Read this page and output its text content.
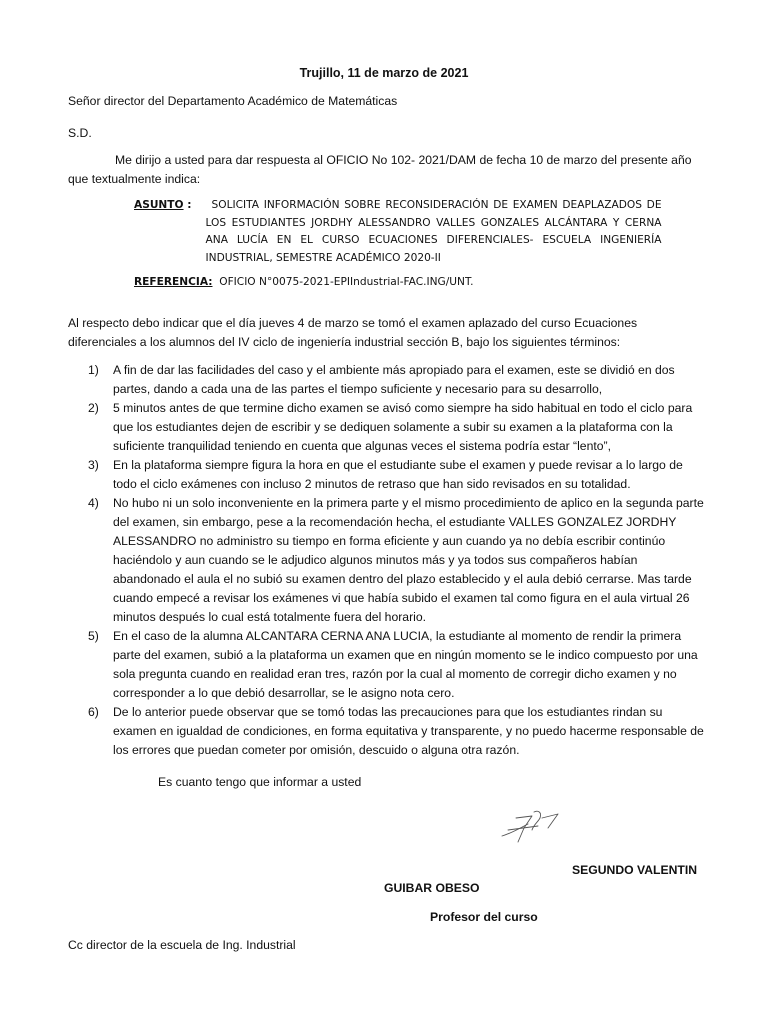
Trujillo, 11 de marzo de 2021
Señor director del Departamento Académico de Matemáticas
S.D.
Me dirijo a usted para dar respuesta al OFICIO No 102- 2021/DAM de fecha 10 de marzo del presente año que textualmente indica:
ASUNTO : SOLICITA INFORMACIÓN SOBRE RECONSIDERACIÓN DE EXAMEN DEAPLAZADOS DE LOS ESTUDIANTES JORDHY ALESSANDRO VALLES GONZALES ALCÁNTARA Y CERNA ANA LUCÍA EN EL CURSO ECUACIONES DIFERENCIALES- ESCUELA INGENIERÍA INDUSTRIAL, SEMESTRE ACADÉMICO 2020-II
REFERENCIA: OFICIO N°0075-2021-EPIIndustrial-FAC.ING/UNT.
Al respecto debo indicar que el día jueves 4 de marzo se tomó el examen aplazado del curso Ecuaciones diferenciales a los alumnos del IV ciclo de ingeniería industrial sección B, bajo los siguientes términos:
1) A fin de dar las facilidades del caso y el ambiente más apropiado para el examen, este se dividió en dos partes, dando a cada una de las partes el tiempo suficiente y necesario para su desarrollo,
2) 5 minutos antes de que termine dicho examen se avisó como siempre ha sido habitual en todo el ciclo para que los estudiantes dejen de escribir y se dediquen solamente a subir su examen a la plataforma con la suficiente tranquilidad teniendo en cuenta que algunas veces el sistema podría estar “lento”,
3) En la plataforma siempre figura la hora en que el estudiante sube el examen y puede revisar a lo largo de todo el ciclo exámenes con incluso 2 minutos de retraso que han sido revisados en su totalidad.
4) No hubo ni un solo inconveniente en la primera parte y el mismo procedimiento de aplico en la segunda parte del examen, sin embargo, pese a la recomendación hecha, el estudiante VALLES GONZALEZ JORDHY ALESSANDRO no administro su tiempo en forma eficiente y aun cuando ya no debía escribir continúo haciéndolo y aun cuando se le adjudico algunos minutos más y ya todos sus compañeros habían abandonado el aula el no subió su examen dentro del plazo establecido y el aula debió cerrarse. Mas tarde cuando empecé a revisar los exámenes vi que había subido el examen tal como figura en el aula virtual 26 minutos después lo cual está totalmente fuera del horario.
5) En el caso de la alumna ALCANTARA CERNA ANA LUCIA, la estudiante al momento de rendir la primera parte del examen, subió a la plataforma un examen que en ningún momento se le indico compuesto por una sola pregunta cuando en realidad eran tres, razón por la cual al momento de corregir dicho examen y no corresponder a lo que debió desarrollar, se le asigno nota cero.
6) De lo anterior puede observar que se tomó todas las precauciones para que los estudiantes rindan su examen en igualdad de condiciones, en forma equitativa y transparente, y no puedo hacerme responsable de los errores que puedan cometer por omisión, descuido o alguna otra razón.
Es cuanto tengo que informar a usted
SEGUNDO VALENTIN
GUIBAR OBESO
Profesor del curso
Cc director de la escuela de Ing. Industrial
